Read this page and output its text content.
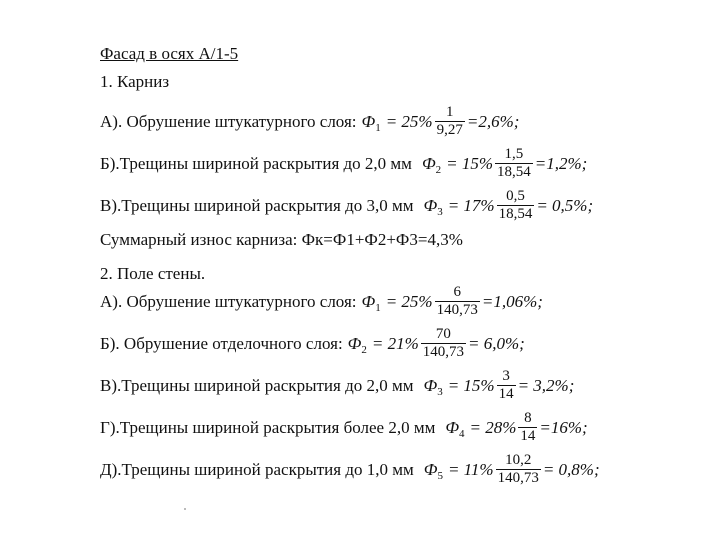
Фасад в осях А/1-5
1. Карниз
А). Обрушение штукатурного слоя: $Ф_1 = 25\% \frac{1}{9,27} =2,6\%$;
Б).Трещины шириной раскрытия до 2,0 мм $Ф_2 = 15\% \frac{1,5}{18,54} =1,2\%$;
В).Трещины шириной раскрытия до 3,0 мм $Ф_3 = 17\% \frac{0,5}{18,54} = 0,5\%$;
Суммарный износ карниза: Фк=Ф1+Ф2+Ф3=4,3%
2. Поле стены.
А). Обрушение штукатурного слоя: $Ф_1 = 25\% \frac{6}{140,73} =1,06\%$;
Б). Обрушение отделочного слоя: $Ф_2 = 21\% \frac{70}{140,73} = 6,0\%$;
В).Трещины шириной раскрытия до 2,0 мм $Ф_3 = 15\% \frac{3}{14} = 3,2\%$;
Г).Трещины шириной раскрытия более 2,0 мм $Ф_4 = 28\% \frac{8}{14} =16\%$;
Д).Трещины шириной раскрытия до 1,0 мм $Ф_5 = 11\% \frac{10,2}{140,73} = 0,8\%$;
